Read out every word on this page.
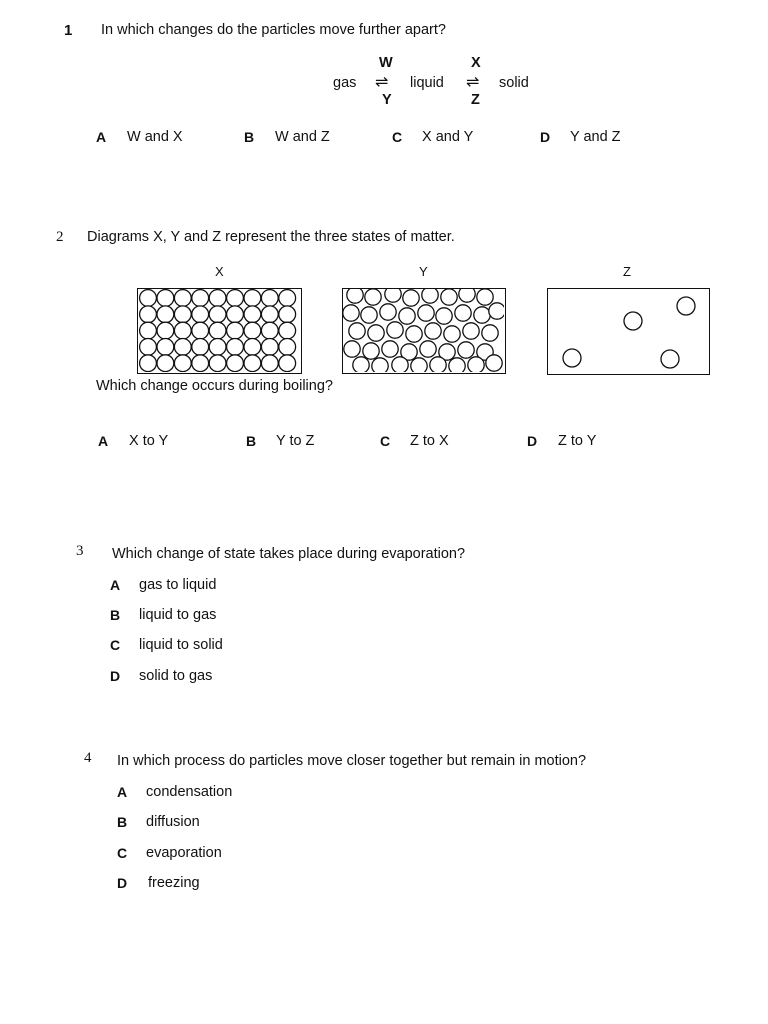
1 In which changes do the particles move further apart?
W	X
gas ⇌ liquid ⇌ solid
Y	Z
A W and X	B W and Z	C X and Y	D Y and Z
2 Diagrams X, Y and Z represent the three states of matter.
X	Y	Z
Which change occurs during boiling?
A X to Y	B Y to Z	C Z to X	D Z to Y
3 Which change of state takes place during evaporation?
A gas to liquid
B liquid to gas
C liquid to solid
D solid to gas
4 In which process do particles move closer together but remain in motion?
A condensation
B diffusion
C evaporation
D freezing
